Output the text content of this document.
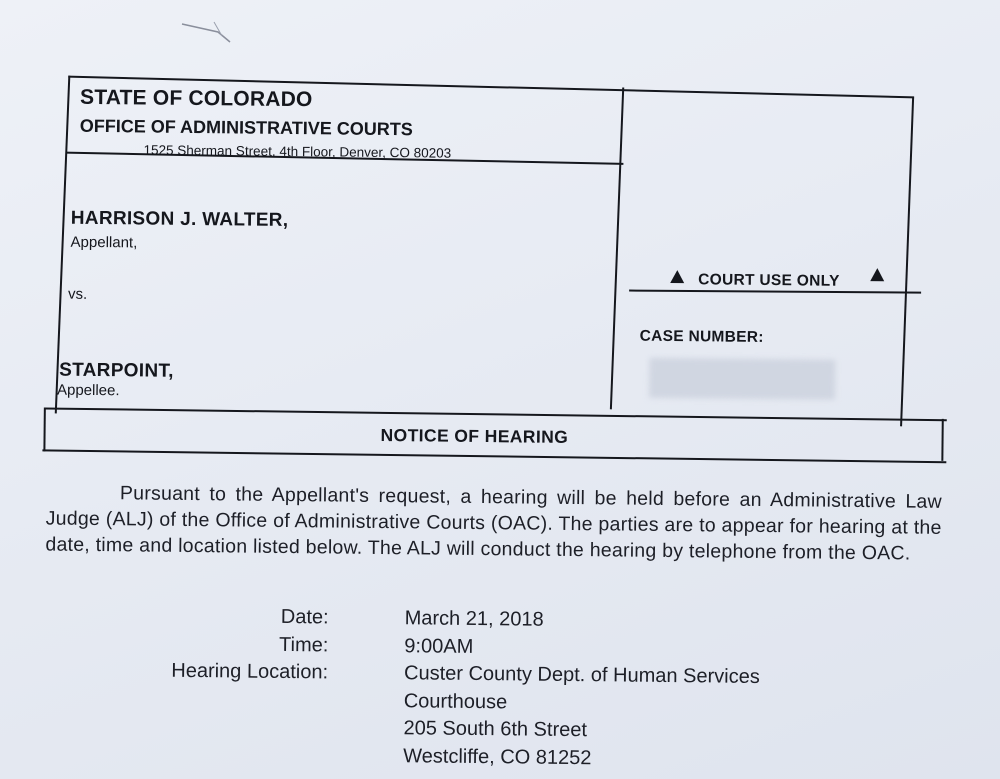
STATE OF COLORADO
OFFICE OF ADMINISTRATIVE COURTS
1525 Sherman Street, 4th Floor, Denver, CO 80203
HARRISON J. WALTER,
Appellant,
vs.
STARPOINT,
Appellee.
COURT USE ONLY
CASE NUMBER:
NOTICE OF HEARING
Pursuant to the Appellant's request, a hearing will be held before an Administrative Law Judge (ALJ) of the Office of Administrative Courts (OAC). The parties are to appear for hearing at the date, time and location listed below. The ALJ will conduct the hearing by telephone from the OAC.
Date:	March 21, 2018
Time:	9:00AM
Hearing Location:	Custer County Dept. of Human Services
Courthouse
205 South 6th Street
Westcliffe, CO 81252
